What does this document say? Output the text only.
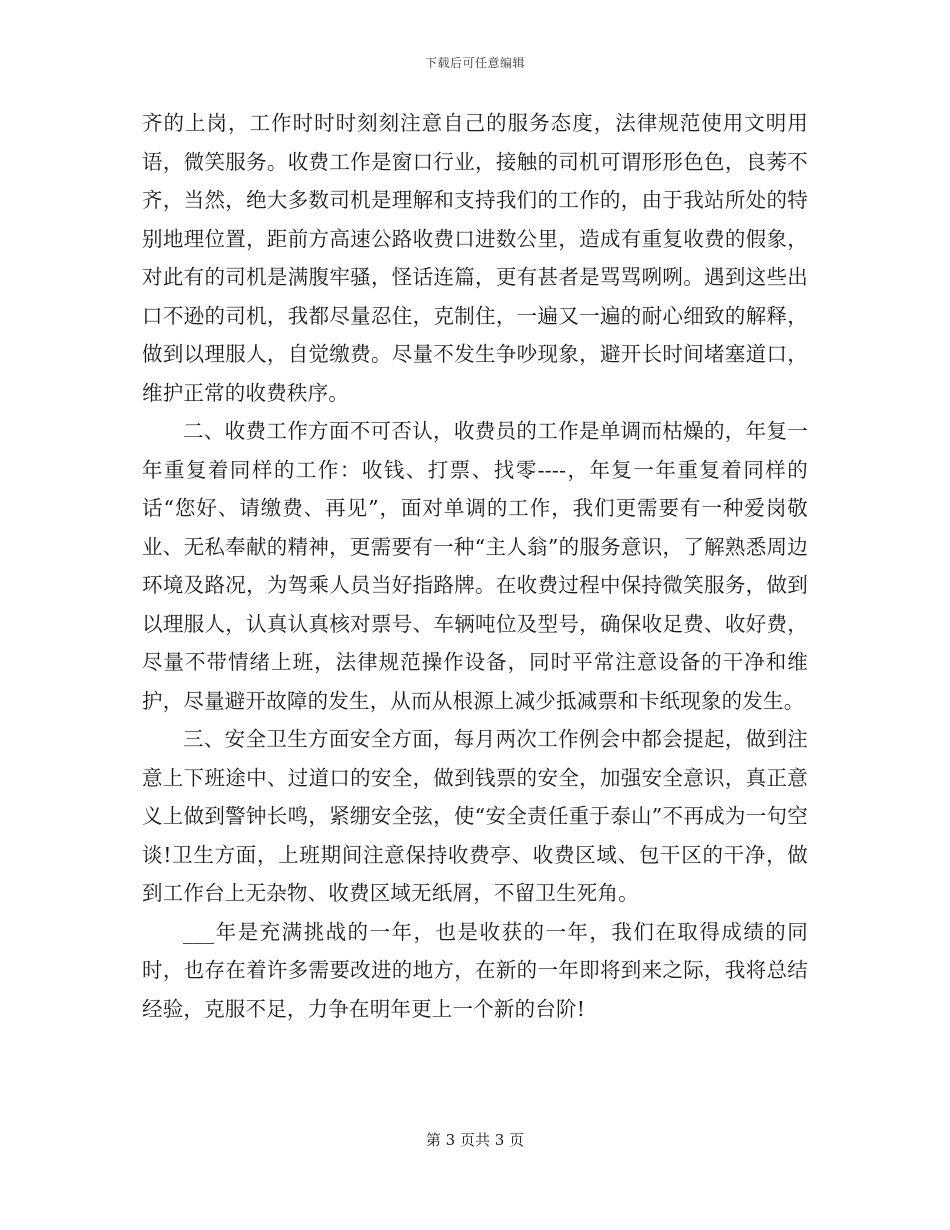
下载后可任意编辑

齐的上岗，工作时时时刻刻注意自己的服务态度，法律规范使用文明用语，微笑服务。收费工作是窗口行业，接触的司机可谓形形色色，良莠不齐，当然，绝大多数司机是理解和支持我们的工作的，由于我站所处的特别地理位置，距前方高速公路收费口进数公里，造成有重复收费的假象，对此有的司机是满腹牢骚，怪话连篇，更有甚者是骂骂咧咧。遇到这些出口不逊的司机，我都尽量忍住，克制住，一遍又一遍的耐心细致的解释，做到以理服人，自觉缴费。尽量不发生争吵现象，避开长时间堵塞道口，维护正常的收费秩序。

二、收费工作方面不可否认，收费员的工作是单调而枯燥的，年复一年重复着同样的工作：收钱、打票、找零----，年复一年重复着同样的话“您好、请缴费、再见”，面对单调的工作，我们更需要有一种爱岗敬业、无私奉献的精神，更需要有一种“主人翁”的服务意识，了解熟悉周边环境及路况，为驾乘人员当好指路牌。在收费过程中保持微笑服务，做到以理服人，认真认真核对票号、车辆吨位及型号，确保收足费、收好费，尽量不带情绪上班，法律规范操作设备，同时平常注意设备的干净和维护，尽量避开故障的发生，从而从根源上减少抵减票和卡纸现象的发生。

三、安全卫生方面安全方面，每月两次工作例会中都会提起，做到注意上下班途中、过道口的安全，做到钱票的安全，加强安全意识，真正意义上做到警钟长鸣，紧绷安全弦，使“安全责任重于泰山”不再成为一句空谈!卫生方面，上班期间注意保持收费亭、收费区域、包干区的干净，做到工作台上无杂物、收费区域无纸屑，不留卫生死角。

___年是充满挑战的一年，也是收获的一年，我们在取得成绩的同时，也存在着许多需要改进的地方，在新的一年即将到来之际，我将总结经验，克服不足，力争在明年更上一个新的台阶!

第 3 页共 3 页
